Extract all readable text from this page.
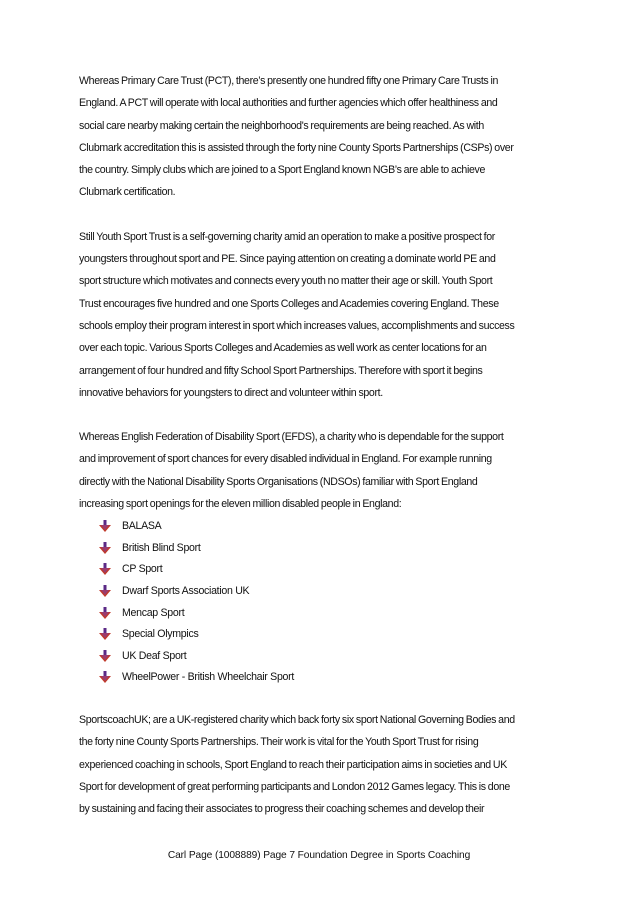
Whereas Primary Care Trust (PCT), there’s presently one hundred fifty one Primary Care Trusts in
England. A PCT will operate with local authorities and further agencies which offer healthiness and
social care nearby making certain the neighborhood's requirements are being reached. As with
Clubmark accreditation this is assisted through the forty nine County Sports Partnerships (CSPs) over
the country. Simply clubs which are joined to a Sport England known NGB’s are able to achieve
Clubmark certification.

Still Youth Sport Trust is a self-governing charity amid an operation to make a positive prospect for
youngsters throughout sport and PE. Since paying attention on creating a dominate world PE and
sport structure which motivates and connects every youth no matter their age or skill. Youth Sport
Trust encourages five hundred and one Sports Colleges and Academies covering England. These
schools employ their program interest in sport which increases values, accomplishments and success
over each topic. Various Sports Colleges and Academies as well work as center locations for an
arrangement of four hundred and fifty School Sport Partnerships. Therefore with sport it begins
innovative behaviors for youngsters to direct and volunteer within sport.

Whereas English Federation of Disability Sport (EFDS), a charity who is dependable for the support
and improvement of sport chances for every disabled individual in England. For example running
directly with the National Disability Sports Organisations (NDSOs) familiar with Sport England
increasing sport openings for the eleven million disabled people in England:

BALASA
British Blind Sport
CP Sport
Dwarf Sports Association UK
Mencap Sport
Special Olympics
UK Deaf Sport
WheelPower - British Wheelchair Sport

SportscoachUK; are a UK-registered charity which back forty six sport National Governing Bodies and
the forty nine County Sports Partnerships. Their work is vital for the Youth Sport Trust for rising
experienced coaching in schools, Sport England to reach their participation aims in societies and UK
Sport for development of great performing participants and London 2012 Games legacy. This is done
by sustaining and facing their associates to progress their coaching schemes and develop their

Carl Page (1008889) Page 7 Foundation Degree in Sports Coaching
